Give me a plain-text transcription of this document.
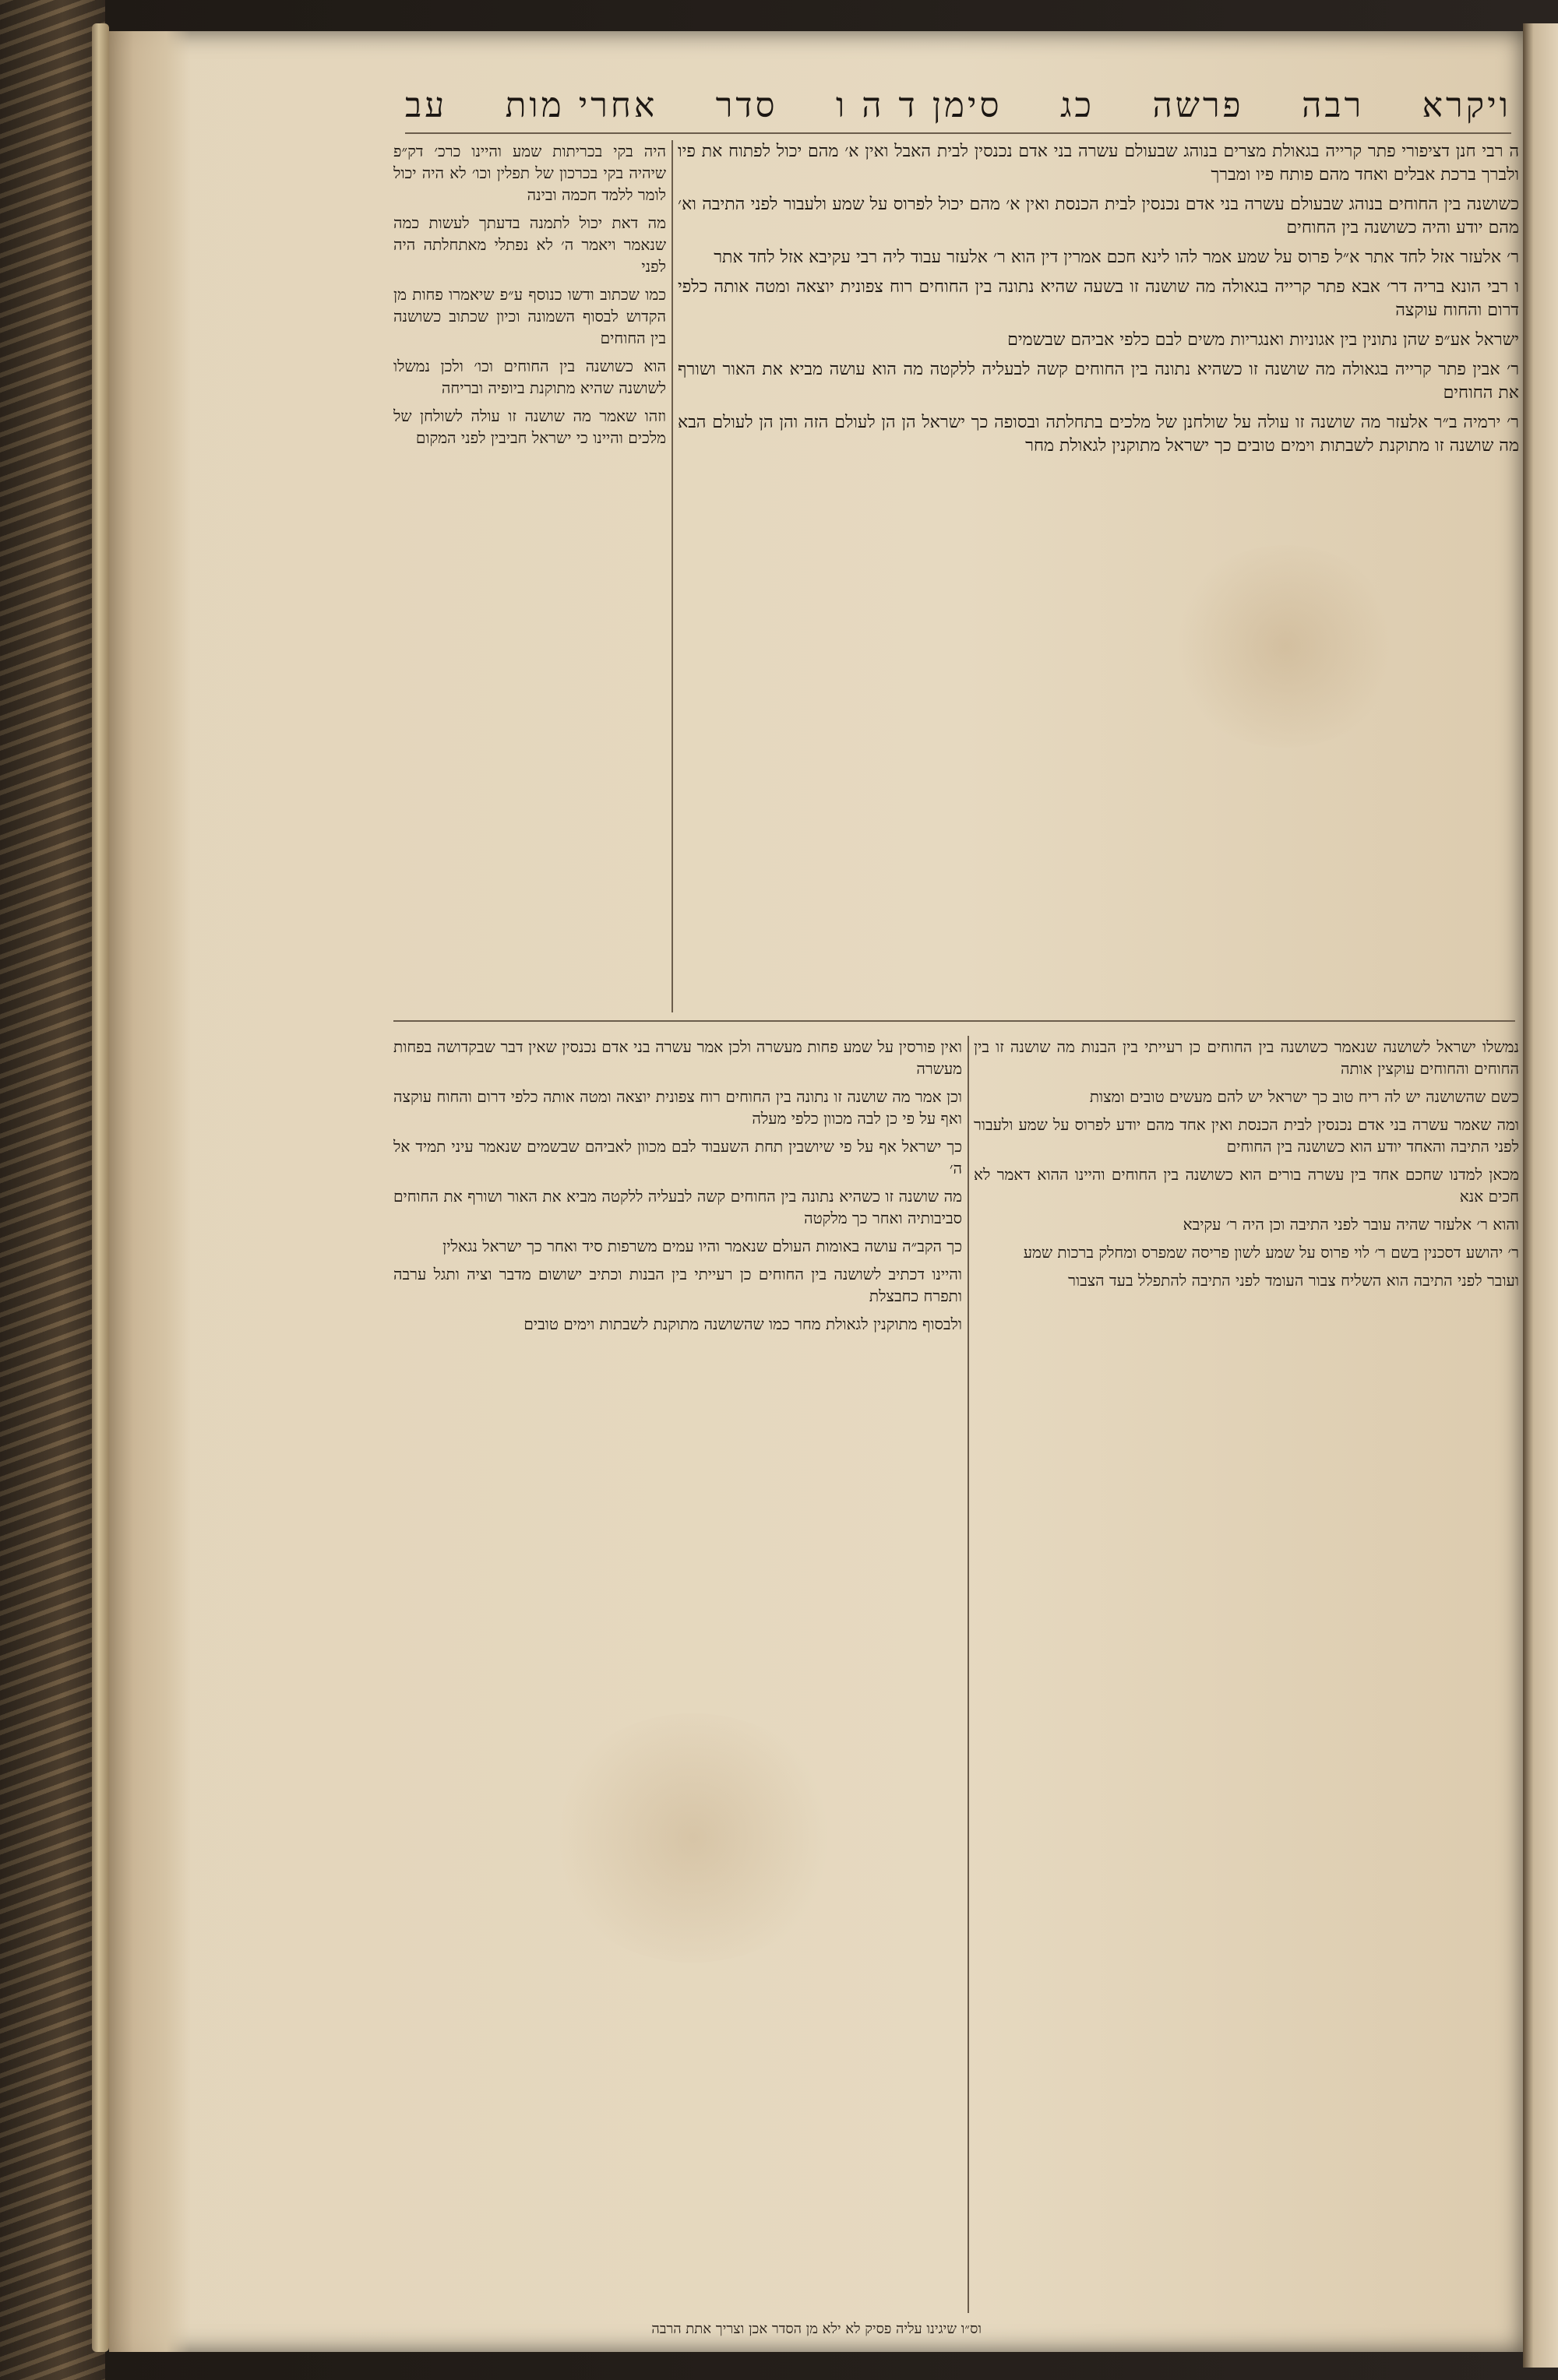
ויקרא
רבה
פרשה
כג
סימן ד ה ו
סדר
אחרי מות
עב

ה רבי חנן דציפורי פתר קרייה בגאולת מצרים בנוהג שבעולם עשרה בני אדם נכנסין לבית האבל ואין א׳ מהם יכול לפתוח את פיו ולברך ברכת אבלים ואחד מהם פותח פיו ומברך

כשושנה בין החוחים בנוהג שבעולם עשרה בני אדם נכנסין לבית הכנסת ואין א׳ מהם יכול לפרוס על שמע ולעבור לפני התיבה וא׳ מהם יודע והיה כשושנה בין החוחים

ר׳ אלעזר אזל לחד אתר א״ל פרוס על שמע אמר להו לינא חכם אמרין דין הוא ר׳ אלעזר עבוד ליה רבי עקיבא אזל לחד אתר

ו רבי הונא בריה דר׳ אבא פתר קרייה בגאולה מה שושנה זו בשעה שהיא נתונה בין החוחים רוח צפונית יוצאה ומטה אותה כלפי דרום והחוח עוקצה

ישראל אע״פ שהן נתונין בין אגוניות ואנגריות משים לבם כלפי אביהם שבשמים

ר׳ אבין פתר קרייה בגאולה מה שושנה זו כשהיא נתונה בין החוחים קשה לבעליה ללקטה מה הוא עושה מביא את האור ושורף את החוחים

ר׳ ירמיה ב״ר אלעזר מה שושנה זו עולה על שולחנן של מלכים בתחלתה ובסופה כך ישראל הן הן לעולם הזה והן הן לעולם הבא מה שושנה זו מתוקנת לשבתות וימים טובים כך ישראל מתוקנין לגאולת מחר

היה בקי בכריתות שמע והיינו כרכ׳ דק״פ שיהיה בקי בכרכון של תפלין וכו׳ לא היה יכול לומר ללמד חכמה ובינה

מה דאת יכול לתמנה בדעתך לעשות כמה שנאמר ויאמר ה׳ לא נפתלי מאתחלתה היה לפני

כמו שכתוב ודשו כנוסף ע״פ שיאמרו פחות מן הקדוש לבסוף השמונה וכיון שכתוב כשושנה בין החוחים

הוא כשושנה בין החוחים וכו׳ ולכן נמשלו לשושנה שהיא מתוקנת ביופיה ובריחה

וזהו שאמר מה שושנה זו עולה לשולחן של מלכים והיינו כי ישראל חביבין לפני המקום

נמשלו ישראל לשושנה שנאמר כשושנה בין החוחים כן רעייתי בין הבנות מה שושנה זו בין החוחים והחוחים עוקצין אותה

כשם שהשושנה יש לה ריח טוב כך ישראל יש להם מעשים טובים ומצות

ומה שאמר עשרה בני אדם נכנסין לבית הכנסת ואין אחד מהם יודע לפרוס על שמע ולעבור לפני התיבה והאחד יודע הוא כשושנה בין החוחים

מכאן למדנו שחכם אחד בין עשרה בורים הוא כשושנה בין החוחים והיינו ההוא דאמר לא חכים אנא

והוא ר׳ אלעזר שהיה עובר לפני התיבה וכן היה ר׳ עקיבא

ר׳ יהושע דסכנין בשם ר׳ לוי פרוס על שמע לשון פריסה שמפרס ומחלק ברכות שמע

ועובר לפני התיבה הוא השליח צבור העומד לפני התיבה להתפלל בעד הצבור

ואין פורסין על שמע פחות מעשרה ולכן אמר עשרה בני אדם נכנסין שאין דבר שבקדושה בפחות מעשרה

וכן אמר מה שושנה זו נתונה בין החוחים רוח צפונית יוצאה ומטה אותה כלפי דרום והחוח עוקצה ואף על פי כן לבה מכוון כלפי מעלה

כך ישראל אף על פי שיושבין תחת השעבוד לבם מכוון לאביהם שבשמים שנאמר עיני תמיד אל ה׳

מה שושנה זו כשהיא נתונה בין החוחים קשה לבעליה ללקטה מביא את האור ושורף את החוחים סביבותיה ואחר כך מלקטה

כך הקב״ה עושה באומות העולם שנאמר והיו עמים משרפות סיד ואחר כך ישראל נגאלין

והיינו דכתיב לשושנה בין החוחים כן רעייתי בין הבנות וכתיב ישושום מדבר וציה ותגל ערבה ותפרח כחבצלת

ולבסוף מתוקנין לגאולת מחר כמו שהשושנה מתוקנת לשבתות וימים טובים

וס״ו שיגינו עליה פסיק לא ילא מן הסדר אכן וצריך אתת הרבה
